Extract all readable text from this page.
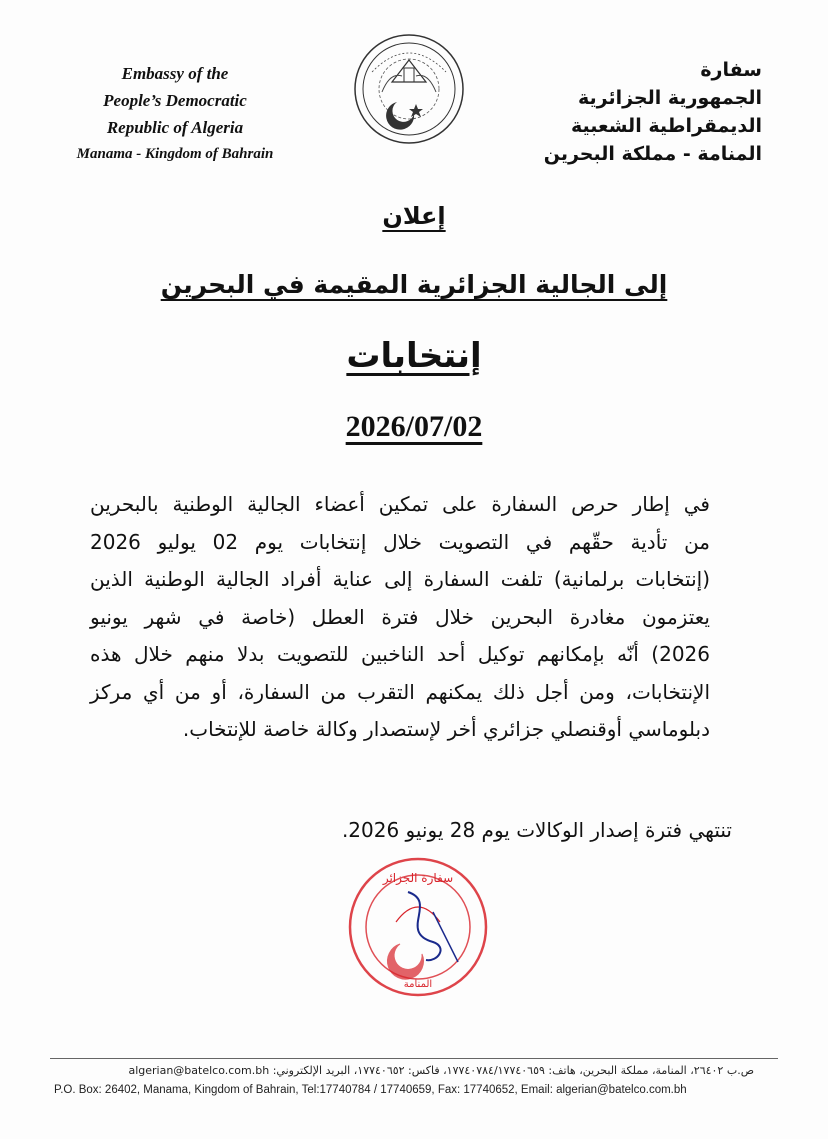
Embassy of the
People’s Democratic
Republic of Algeria
Manama - Kingdom of Bahrain
سفارة
الجمهورية الجزائرية
الديمقراطية الشعبية
المنامة - مملكة البحرين
إعلان
إلى الجالية الجزائرية المقيمة في البحرين
إنتخابات
2026/07/02
في إطار حرص السفارة على تمكين أعضاء الجالية الوطنية بالبحرين
من تأدية حقّهم في التصويت خلال إنتخابات يوم 02 يوليو 2026
(إنتخابات برلمانية) تلفت السفارة إلى عناية أفراد الجالية الوطنية الذين
يعتزمون مغادرة البحرين خلال فترة العطل (خاصة في شهر يونيو
2026) أنّه بإمكانهم توكيل أحد الناخبين للتصويت بدلا منهم خلال هذه
الإنتخابات، ومن أجل ذلك يمكنهم التقرب من السفارة، أو من أي مركز
دبلوماسي أوقنصلي جزائري أخر لإستصدار وكالة خاصة للإنتخاب.
تنتهي فترة إصدار الوكالات يوم 28 يونيو 2026.
سفارة الجزائر
المنامة
ص.ب ٢٦٤٠٢، المنامة، مملكة البحرين، هاتف: ١٧٧٤٠٧٨٤/١٧٧٤٠٦٥٩، فاكس: ١٧٧٤٠٦٥٢، البريد الإلكتروني: algerian@batelco.com.bh
P.O. Box: 26402, Manama, Kingdom of Bahrain, Tel:17740784 / 17740659, Fax: 17740652, Email: algerian@batelco.com.bh
